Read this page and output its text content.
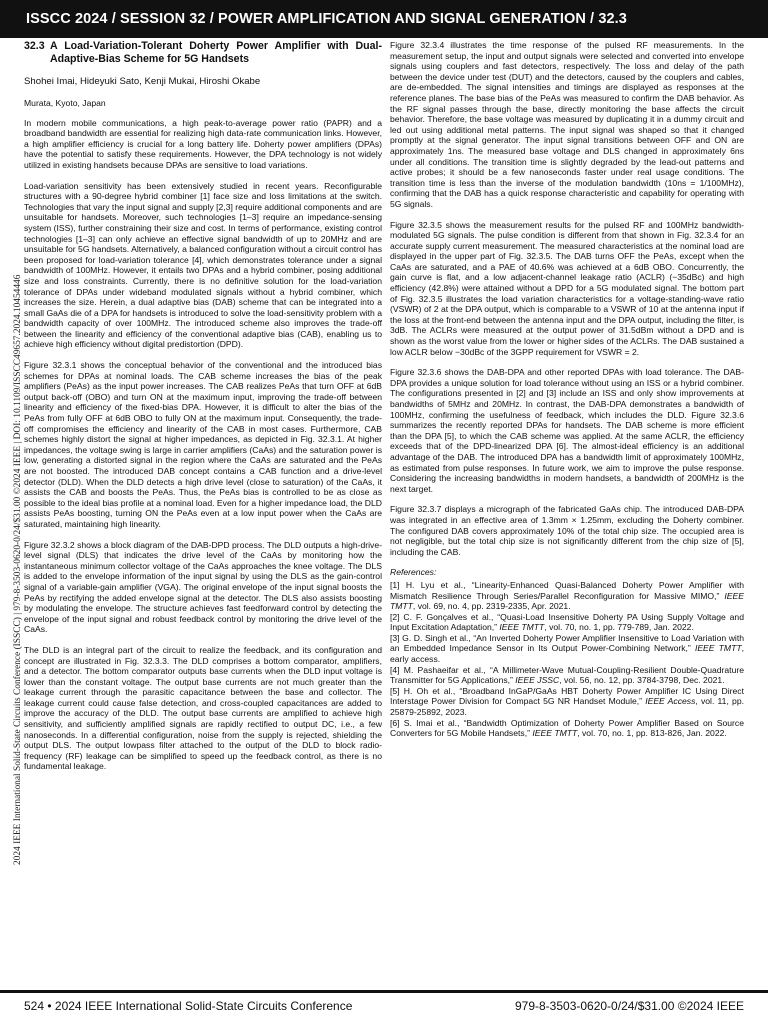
ISSCC 2024 / SESSION 32 / POWER AMPLIFICATION AND SIGNAL GENERATION / 32.3
2024 IEEE International Solid-State Circuits Conference (ISSCC) | 979-8-3503-0620-0/24/$31.00 ©2024 IEEE | DOI: 10.1109/ISSCC49657.2024.10454446
32.3 A Load-Variation-Tolerant Doherty Power Amplifier with Dual-Adaptive-Bias Scheme for 5G Handsets
Shohei Imai, Hideyuki Sato, Kenji Mukai, Hiroshi Okabe
Murata, Kyoto, Japan

In modern mobile communications, a high peak-to-average power ratio (PAPR) and a broadband bandwidth are essential for realizing high data-rate communication links. However, a high amplifier efficiency is crucial for a long battery life. Doherty power amplifiers (DPAs) have the potential to satisfy these requirements. However, the DPA technology is not widely utilized in existing handsets because DPAs are sensitive to load variations.

Load-variation sensitivity has been extensively studied in recent years. Reconfigurable structures with a 90-degree hybrid combiner [1] face size and loss limitations at the switch. Technologies that vary the input signal and supply [2,3] require additional components and are unsuitable for handsets. Moreover, such technologies [1–3] require an impedance-sensing system (ISS), further constraining their size and cost. In terms of performance, existing control technologies [1–3] can only achieve an effective signal bandwidth of up to 20MHz and are unsuitable for 5G handsets. Alternatively, a balanced configuration without a circuit control has been proposed for load-variation tolerance [4], which demonstrates tolerance under a signal bandwidth of 100MHz. However, it entails two DPAs and a hybrid combiner, posing additional size and loss constraints. Currently, there is no definitive solution for the load-variation tolerance of DPAs under wideband modulated signals without a hybrid combiner, which increases the size. Herein, a dual adaptive bias (DAB) scheme that can be integrated into a small GaAs die of a DPA for handsets is introduced to solve the load-sensitivity problem with a bandwidth capacity of over 100MHz. The introduced scheme also improves the trade-off between the linearity and efficiency of the conventional adaptive bias (CAB), enabling us to achieve high efficiency without digital predistortion (DPD).

Figure 32.3.1 shows the conceptual behavior of the conventional and the introduced bias schemes for DPAs at nominal loads. The CAB scheme increases the bias of the peak amplifiers (PeAs) as the input power increases. The CAB realizes PeAs that turn OFF at 6dB output back-off (OBO) and turn ON at the maximum input, improving the trade-off between linearity and efficiency of the fixed-bias DPA. However, it is difficult to alter the bias of the PeAs from fully OFF at 6dB OBO to fully ON at the maximum input. Consequently, the trade-off compromises the efficiency and linearity of the CAB in most cases. Furthermore, CAB schemes highly distort the signal at higher impedances, as depicted in Fig. 32.3.1. At higher impedances, the voltage swing is large in carrier amplifiers (CaAs) and the saturation power is low, generating a distorted signal in the region where the CaAs are saturated and the PeAs are not boosted. The introduced DAB concept contains a CAB function and a drive-level detector (DLD). When the DLD detects a high drive level (close to saturation) of the CaAs, it assists the CAB and boosts the PeAs. Thus, the PeAs bias is controlled to be as close as possible to the ideal bias profile at a nominal load. Even for a higher impedance load, the DLD assists PeAs boosting, turning ON the PeAs even at a low input power when the CaAs are saturated, maintaining high linearity.

Figure 32.3.2 shows a block diagram of the DAB-DPD process. The DLD outputs a high-drive-level signal (DLS) that indicates the drive level of the CaAs by monitoring how the instantaneous minimum collector voltage of the CaAs approaches the knee voltage. The DLS is added to the envelope information of the input signal by using the DLS as the gain-control signal of a variable-gain amplifier (VGA). The original envelope of the input signal boosts the PeAs by rectifying the added envelope signal at the detector. The DLS also assists boosting by modulating the envelope. The structure achieves fast feedforward control by detecting the envelope of the input signal and robust feedback control by monitoring the drive level of the CaAs.

The DLD is an integral part of the circuit to realize the feedback, and its configuration and concept are illustrated in Fig. 32.3.3. The DLD comprises a bottom comparator, amplifiers, and a detector. The bottom comparator outputs base currents when the DLD input voltage is lower than the constant voltage. The output base currents are not much greater than the leakage current through the parasitic capacitance between the base and collector. The leakage current could cause false detection, and cross-coupled capacitances are added to improve the accuracy of the DLD. The output base currents are amplified to achieve high sensitivity, and sufficiently amplified signals are rapidly rectified to output DC, i.e., a few nanoseconds. In a differential configuration, noise from the supply is rejected, shielding the output DLS. The output lowpass filter attached to the output of the DLD to block radio-frequency (RF) leakage can be simplified to speed up the feedback control, as there is no fundamental leakage.

Figure 32.3.4 illustrates the time response of the pulsed RF measurements. In the measurement setup, the input and output signals were selected and converted into envelope signals using couplers and fast detectors, respectively. The loss and delay of the path between the device under test (DUT) and the detectors, caused by the couplers and cables, are de-embedded. The signal intensities and timings are displayed as responses at the reference planes. The base bias of the PeAs was measured to confirm the DAB behavior. As the RF signal passes through the base, directly monitoring the base affects the circuit behavior. Therefore, the base voltage was measured by duplicating it in a dummy circuit and led out using additional metal patterns. The input signal was shaped so that it changed promptly at the signal generator. The input signal transitions between OFF and ON are approximately 1ns. The measured base voltage and DLS changed in approximately 6ns under all conditions. The transition time is slightly degraded by the lead-out patterns and active probes; it should be a few nanoseconds faster under real usage conditions. The transition time is less than the inverse of the modulation bandwidth (10ns = 1/100MHz), confirming that the DAB has a quick response characteristic and capability for operating with 5G signals.

Figure 32.3.5 shows the measurement results for the pulsed RF and 100MHz bandwidth-modulated 5G signals. The pulse condition is different from that shown in Fig. 32.3.4 for an accurate supply current measurement. The measured characteristics at the nominal load are displayed in the upper part of Fig. 32.3.5. The DAB turns OFF the PeAs, except when the CaAs are saturated, and a PAE of 40.6% was achieved at a 6dB OBO. Concurrently, the gain curve is flat, and a low adjacent-channel leakage ratio (ACLR) (−35dBc) and high efficiency (42.8%) were attained without a DPD for a 5G modulated signal. The bottom part of Fig. 32.3.5 illustrates the load variation characteristics for a voltage-standing-wave ratio (VSWR) of 2 at the DPA output, which is comparable to a VSWR of 10 at the antenna input if the loss at the front-end between the antenna input and the DPA output, including the filter, is 3dB. The ACLRs were measured at the output power of 31.5dBm without a DPD and is shown as the worst value from the lower or higher sides of the ACLRs. The DAB sustained a low ACLR below −30dBc of the 3GPP requirement for VSWR = 2.

Figure 32.3.6 shows the DAB-DPA and other reported DPAs with load tolerance. The DAB-DPA provides a unique solution for load tolerance without using an ISS or a hybrid combiner. The configurations presented in [2] and [3] include an ISS and only show improvements at bandwidths of 5MHz and 20MHz. In contrast, the DAB-DPA demonstrates a bandwidth of 100MHz, confirming the usefulness of feedback, which includes the DLD. Figure 32.3.6 summarizes the recently reported DPAs for handsets. The DAB scheme is more efficient than the DPA [5], to which the CAB scheme was applied. At the same ACLR, the efficiency exceeds that of the DPD-linearized DPA [6]. The almost-ideal efficiency is an additional advantage of the DAB. The introduced DPA has a bandwidth limit of approximately 100MHz, as estimated from pulse responses. In future work, we aim to improve the pulse response. Considering the increasing bandwidths in modern handsets, a bandwidth of 200MHz is the next target.

Figure 32.3.7 displays a micrograph of the fabricated GaAs chip. The introduced DAB-DPA was integrated in an effective area of 1.3mm × 1.25mm, excluding the Doherty combiner. The configured DAB covers approximately 10% of the total chip size. The occupied area is not negligible, but the total chip size is not significantly different from the chip size of [5], including the CAB.

References:
[1] H. Lyu et al., “Linearity-Enhanced Quasi-Balanced Doherty Power Amplifier with Mismatch Resilience Through Series/Parallel Reconfiguration for Massive MIMO,” IEEE TMTT, vol. 69, no. 4, pp. 2319-2335, Apr. 2021.
[2] C. F. Gonçalves et al., “Quasi-Load Insensitive Doherty PA Using Supply Voltage and Input Excitation Adaptation,” IEEE TMTT, vol. 70, no. 1, pp. 779-789, Jan. 2022.
[3] G. D. Singh et al., “An Inverted Doherty Power Amplifier Insensitive to Load Variation with an Embedded Impedance Sensor in Its Output Power-Combining Network,” IEEE TMTT, early access.
[4] M. Pashaeifar et al., “A Millimeter-Wave Mutual-Coupling-Resilient Double-Quadrature Transmitter for 5G Applications,” IEEE JSSC, vol. 56, no. 12, pp. 3784-3798, Dec. 2021.
[5] H. Oh et al., “Broadband InGaP/GaAs HBT Doherty Power Amplifier IC Using Direct Interstage Power Division for Compact 5G NR Handset Module,” IEEE Access, vol. 11, pp. 25879-25892, 2023.
[6] S. Imai et al., “Bandwidth Optimization of Doherty Power Amplifier Based on Source Converters for 5G Mobile Handsets,” IEEE TMTT, vol. 70, no. 1, pp. 813-826, Jan. 2022.
524 • 2024 IEEE International Solid-State Circuits Conference	979-8-3503-0620-0/24/$31.00 ©2024 IEEE
